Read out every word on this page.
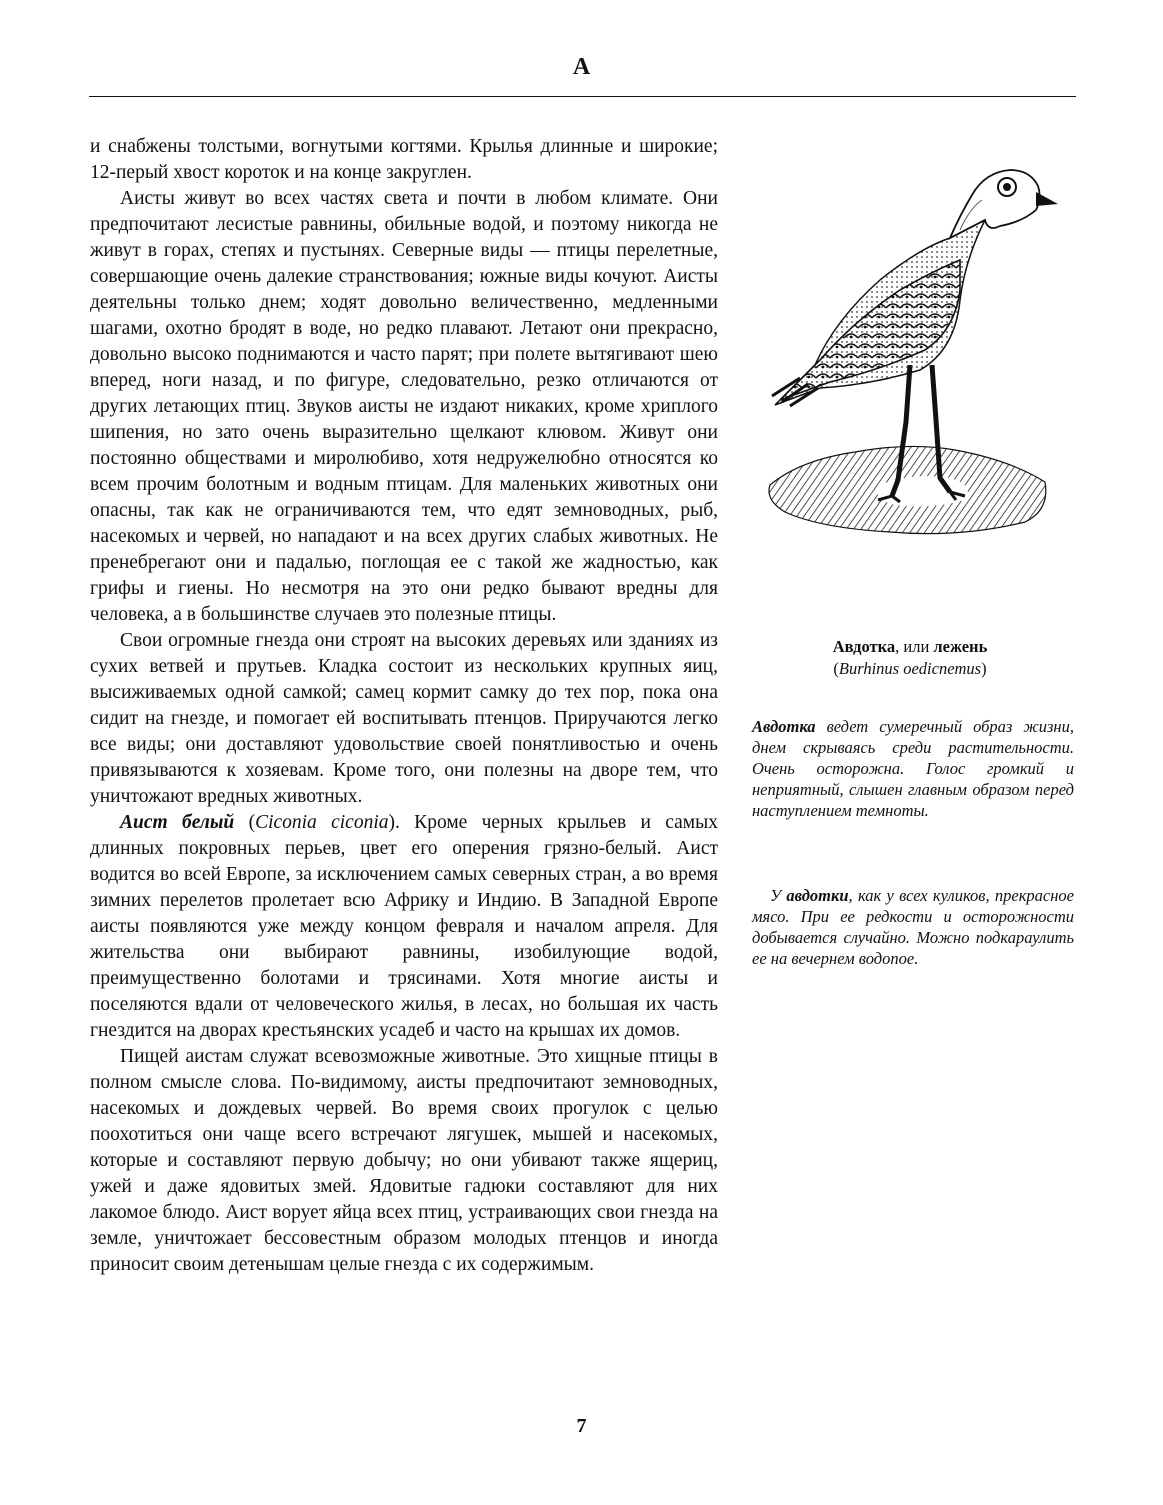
А

и снабжены толстыми, вогнутыми когтями. Крылья длинные и широкие; 12-перый хвост короток и на конце закруглен.

Аисты живут во всех частях света и почти в любом климате. Они предпочитают лесистые равнины, обильные водой, и поэтому никогда не живут в горах, степях и пустынях. Северные виды — птицы перелетные, совершающие очень далекие странствования; южные виды кочуют. Аисты деятельны только днем; ходят довольно величественно, медленными шагами, охотно бродят в воде, но редко плавают. Летают они прекрасно, довольно высоко поднимаются и часто парят; при полете вытягивают шею вперед, ноги назад, и по фигуре, следовательно, резко отличаются от других летающих птиц. Звуков аисты не издают никаких, кроме хриплого шипения, но зато очень выразительно щелкают клювом. Живут они постоянно обществами и миролюбиво, хотя недружелюбно относятся ко всем прочим болотным и водным птицам. Для маленьких животных они опасны, так как не ограничиваются тем, что едят земноводных, рыб, насекомых и червей, но нападают и на всех других слабых животных. Не пренебрегают они и падалью, поглощая ее с такой же жадностью, как грифы и гиены. Но несмотря на это они редко бывают вредны для человека, а в большинстве случаев это полезные птицы.

Свои огромные гнезда они строят на высоких деревьях или зданиях из сухих ветвей и прутьев. Кладка состоит из нескольких крупных яиц, высиживаемых одной самкой; самец кормит самку до тех пор, пока она сидит на гнезде, и помогает ей воспитывать птенцов. Приручаются легко все виды; они доставляют удовольствие своей понятливостью и очень привязываются к хозяевам. Кроме того, они полезны на дворе тем, что уничтожают вредных животных.

Аист белый (Ciconia ciconia). Кроме черных крыльев и самых длинных покровных перьев, цвет его оперения грязно-белый. Аист водится во всей Европе, за исключением самых северных стран, а во время зимних перелетов пролетает всю Африку и Индию. В Западной Европе аисты появляются уже между концом февраля и началом апреля. Для жительства они выбирают равнины, изобилующие водой, преимущественно болотами и трясинами. Хотя многие аисты и поселяются вдали от человеческого жилья, в лесах, но большая их часть гнездится на дворах крестьянских усадеб и часто на крышах их домов.

Пищей аистам служат всевозможные животные. Это хищные птицы в полном смысле слова. По-видимому, аисты предпочитают земноводных, насекомых и дождевых червей. Во время своих прогулок с целью поохотиться они чаще всего встречают лягушек, мышей и насекомых, которые и составляют первую добычу; но они убивают также ящериц, ужей и даже ядовитых змей. Ядовитые гадюки составляют для них лакомое блюдо. Аист ворует яйца всех птиц, устраивающих свои гнезда на земле, уничтожает бессовестным образом молодых птенцов и иногда приносит своим детенышам целые гнезда с их содержимым.

Авдотка, или лежень
(Burhinus oedicnemus)

Авдотка ведет сумеречный образ жизни, днем скрываясь среди растительности. Очень осторожна. Голос громкий и неприятный, слышен главным образом перед наступлением темноты.

У авдотки, как у всех куликов, прекрасное мясо. При ее редкости и осторожности добывается случайно. Можно подкараулить ее на вечернем водопое.

7
